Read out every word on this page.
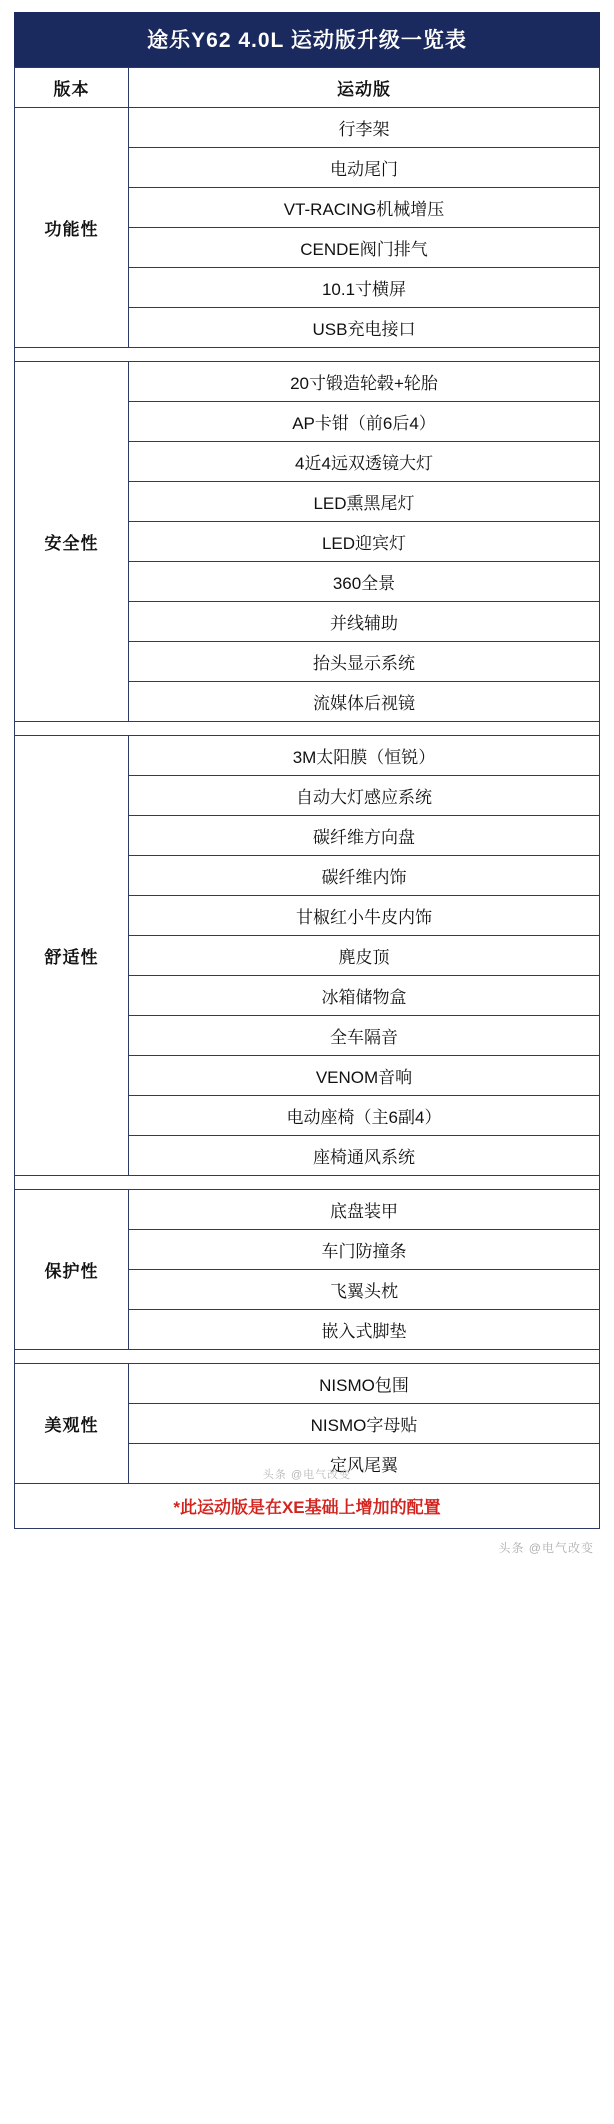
途乐Y62 4.0L 运动版升级一览表
版本	运动版
功能性	行李架
	电动尾门
	VT-RACING机械增压
	CENDE阀门排气
	10.1寸横屏
	USB充电接口

安全性	20寸锻造轮毂+轮胎
	AP卡钳（前6后4）
	4近4远双透镜大灯
	LED熏黑尾灯
	LED迎宾灯
	360全景
	并线辅助
	抬头显示系统
	流媒体后视镜

舒适性	3M太阳膜（恒锐）
	自动大灯感应系统
	碳纤维方向盘
	碳纤维内饰
	甘椒红小牛皮内饰
	麂皮顶
	冰箱储物盒
	全车隔音
	VENOM音响
	电动座椅（主6副4）
	座椅通风系统

保护性	底盘装甲
	车门防撞条
	飞翼头枕
	嵌入式脚垫

美观性	NISMO包围
	NISMO字母贴
	定风尾翼
*此运动版是在XE基础上增加的配置
头条 @电气改变
头条 @电气改变
